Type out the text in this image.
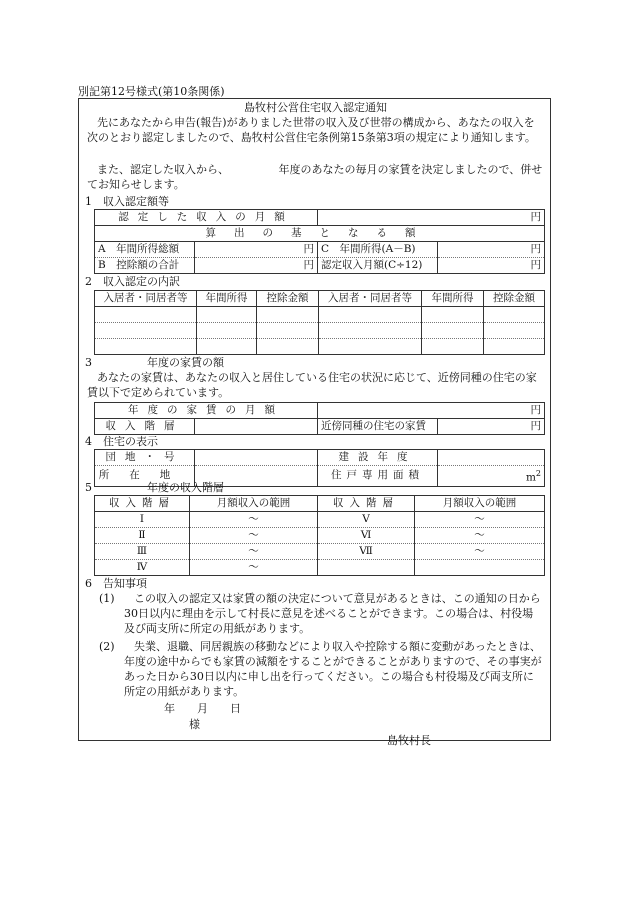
別記第12号様式(第10条関係)
島牧村公営住宅収入認定通知
先にあなたから申告(報告)がありました世帯の収入及び世帯の構成から、あなたの収入を次のとおり認定しましたので、島牧村公営住宅条例第15条第3項の規定により通知します。
また、認定した収入から、　　　　　年度のあなたの毎月の家賃を決定しましたので、併せてお知らせします。
1　収入認定額等
認定した収入の月額		円	
算出の基となる額			
A　年間所得総額	円	C　年間所得(A－B)	円
B　控除額の合計	円	認定収入月額(C÷12)	円
2　収入認定の内訳
入居者・同居者等	年間所得	控除金額	入居者・同居者等	年間所得	控除金額

3　　　　　年度の家賃の額
あなたの家賃は、あなたの収入と居住している住宅の状況に応じて、近傍同種の住宅の家賃以下で定められています。
年度の家賃の月額		円	
収入階層		近傍同種の住宅の家賃	円
4　住宅の表示
団地・号		建設年度	
所在地		住戸専用面積	$m^2$
5　　　　　年度の収入階層
収入階層	月額収入の範囲	収入階層	月額収入の範囲
Ⅰ	～	Ⅴ	～
Ⅱ	～	Ⅵ	～
Ⅲ	～	Ⅶ	～
Ⅳ	～		
6　告知事項
(1)	この収入の認定又は家賃の額の決定について意見があるときは、この通知の日から30日以内に理由を示して村長に意見を述べることができます。この場合は、村役場及び両支所に所定の用紙があります。
(2)	失業、退職、同居親族の移動などにより収入や控除する額に変動があったときは、年度の途中からでも家賃の減額をすることができることがありますので、その事実があった日から30日以内に申し出を行ってください。この場合も村役場及び両支所に所定の用紙があります。
年　　月　　日
様
島牧村長
